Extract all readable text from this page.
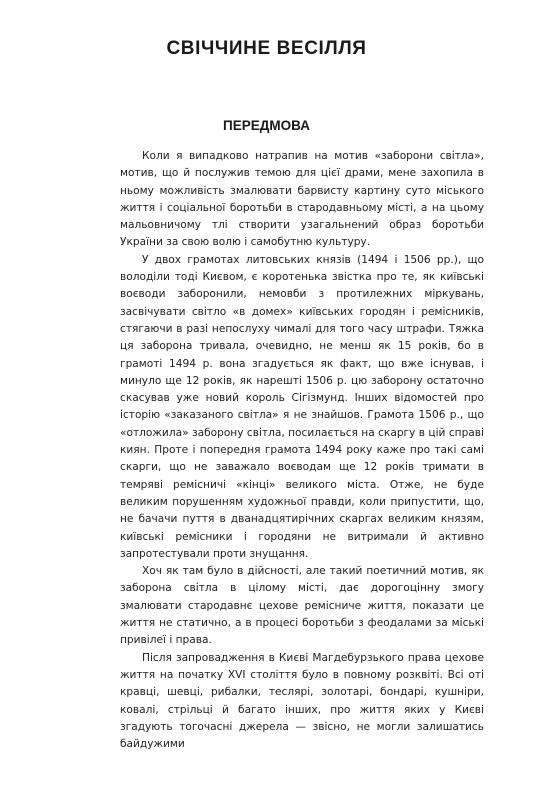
СВІЧЧИНЕ ВЕСІЛЛЯ
ПЕРЕДМОВА

Коли я випадково натрапив на мотив «заборони світла», мотив, що й послужив темою для цієї драми, мене захопила в ньому можливість змалювати барвисту картину суто міського життя і соціальної боротьби в стародавньому місті, а на цьому мальовничому тлі створити узагальнений образ боротьби України за свою волю і самобутню культуру.

У двох грамотах литовських князів (1494 і 1506 рр.), що володіли тоді Києвом, є коротенька звістка про те, як київські воєводи заборонили, немовби з протилежних міркувань, засвічувати світло «в домех» київських городян і ремісників, стягаючи в разі непослуху чималі для того часу штрафи. Тяжка ця заборона тривала, очевидно, не менш як 15 років, бо в грамоті 1494 р. вона згадується як факт, що вже існував, і минуло ще 12 років, як нарешті 1506 р. цю заборону остаточно скасував уже новий король Сігізмунд. Інших відомостей про історію «заказаного світла» я не знайшов. Грамота 1506 р., що «отложила» заборону світла, посилається на скаргу в цій справі киян. Проте і попередня грамота 1494 року каже про такі самі скарги, що не заважало воєводам ще 12 років тримати в темряві ремісничі «кінці» великого міста. Отже, не буде великим порушенням художньої правди, коли припустити, що, не бачачи пуття в дванадцятирічних скаргах великим князям, київські ремісники і городяни не витримали й активно запротестували проти знущання.

Хоч як там було в дійсності, але такий поетичний мотив, як заборона світла в цілому місті, дає дорогоцінну змогу змалювати стародавнє цехове ремісниче життя, показати це життя не статично, а в процесі боротьби з феодалами за міські привілеї і права.

Після запровадження в Києві Магдебурзького права цехове життя на початку XVI століття було в повному розквіті. Всі оті кравці, шевці, рибалки, теслярі, золотарі, бондарі, кушніри, ковалі, стрільці й багато інших, про життя яких у Києві згадують тогочасні джерела — звісно, не могли залишатись байдужими
